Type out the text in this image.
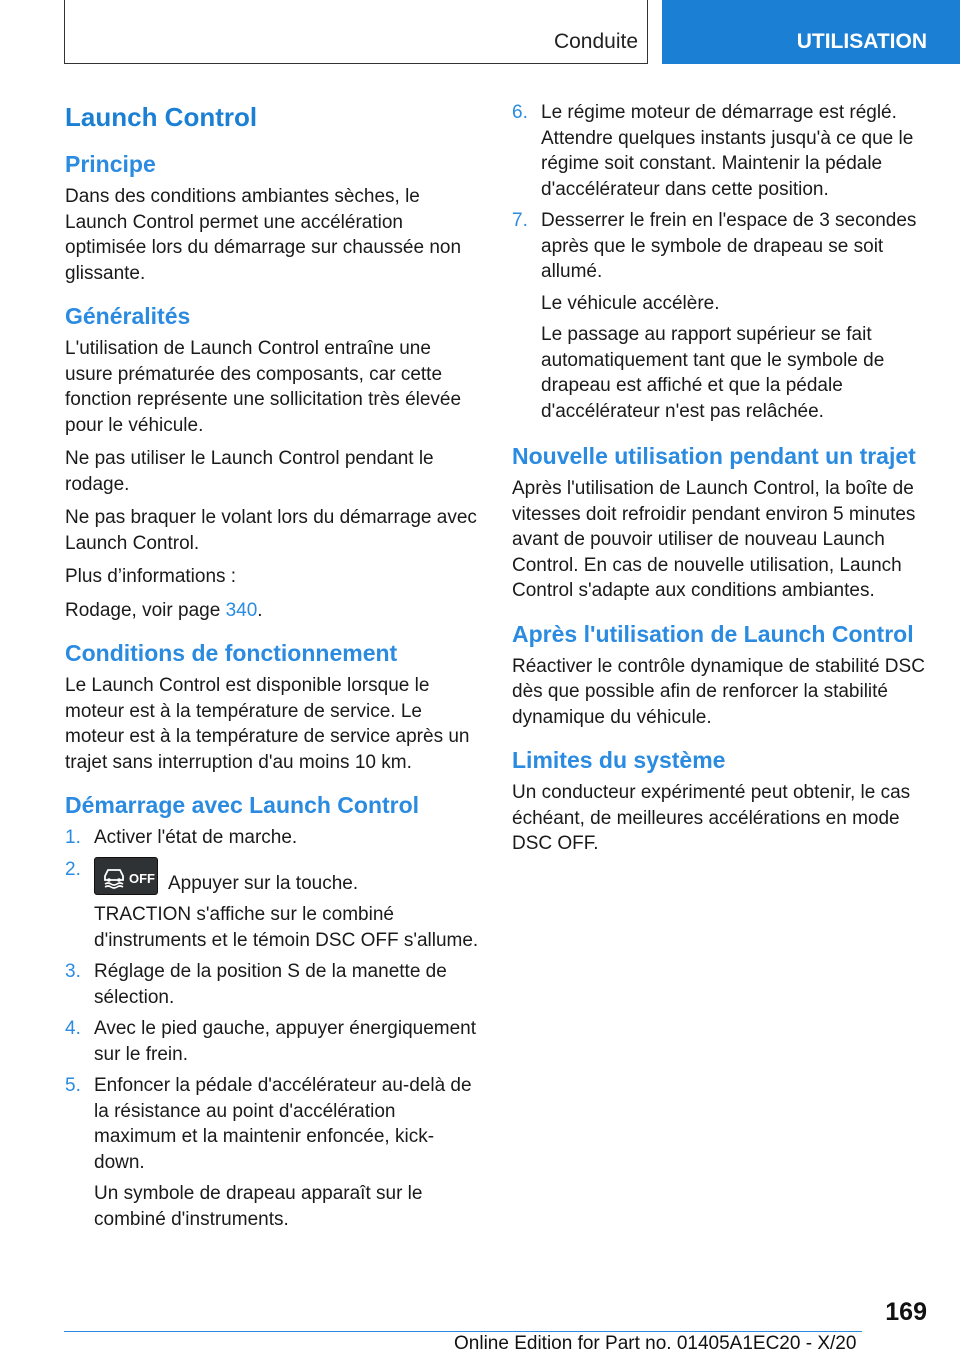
Conduite	UTILISATION
Launch Control
Principe

Dans des conditions ambiantes sèches, le Launch Control permet une accélération optimisée lors du démarrage sur chaussée non glissante.

Généralités

L'utilisation de Launch Control entraîne une usure prématurée des composants, car cette fonction représente une sollicitation très élevée pour le véhicule.

Ne pas utiliser le Launch Control pendant le rodage.

Ne pas braquer le volant lors du démarrage avec Launch Control.

Plus d’informations :

Rodage, voir page 340.

Conditions de fonctionnement

Le Launch Control est disponible lorsque le moteur est à la température de service. Le moteur est à la température de service après un trajet sans interruption d'au moins 10 km.

Démarrage avec Launch Control
1. Activer l'état de marche.

2.	OFF Appuyer sur la touche.

TRACTION s'affiche sur le combiné d'instruments et le témoin DSC OFF s'allume.

3. Réglage de la position S de la manette de sélection.

4. Avec le pied gauche, appuyer énergiquement sur le frein.

5. Enfoncer la pédale d'accélérateur au-delà de la résistance au point d'accélération maximum et la maintenir enfoncée, kick-down.

Un symbole de drapeau apparaît sur le combiné d'instruments.

6. Le régime moteur de démarrage est réglé. Attendre quelques instants jusqu'à ce que le régime soit constant. Maintenir la pédale d'accélérateur dans cette position.

7. Desserrer le frein en l'espace de 3 secondes après que le symbole de drapeau se soit allumé.

Le véhicule accélère.

Le passage au rapport supérieur se fait automatiquement tant que le symbole de drapeau est affiché et que la pédale d'accélérateur n'est pas relâchée.

Nouvelle utilisation pendant un trajet

Après l'utilisation de Launch Control, la boîte de vitesses doit refroidir pendant environ 5 minutes avant de pouvoir utiliser de nouveau Launch Control. En cas de nouvelle utilisation, Launch Control s'adapte aux conditions ambiantes.

Après l'utilisation de Launch Control

Réactiver le contrôle dynamique de stabilité DSC dès que possible afin de renforcer la stabilité dynamique du véhicule.

Limites du système

Un conducteur expérimenté peut obtenir, le cas échéant, de meilleures accélérations en mode DSC OFF.

169
Online Edition for Part no. 01405A1EC20 - X/20
